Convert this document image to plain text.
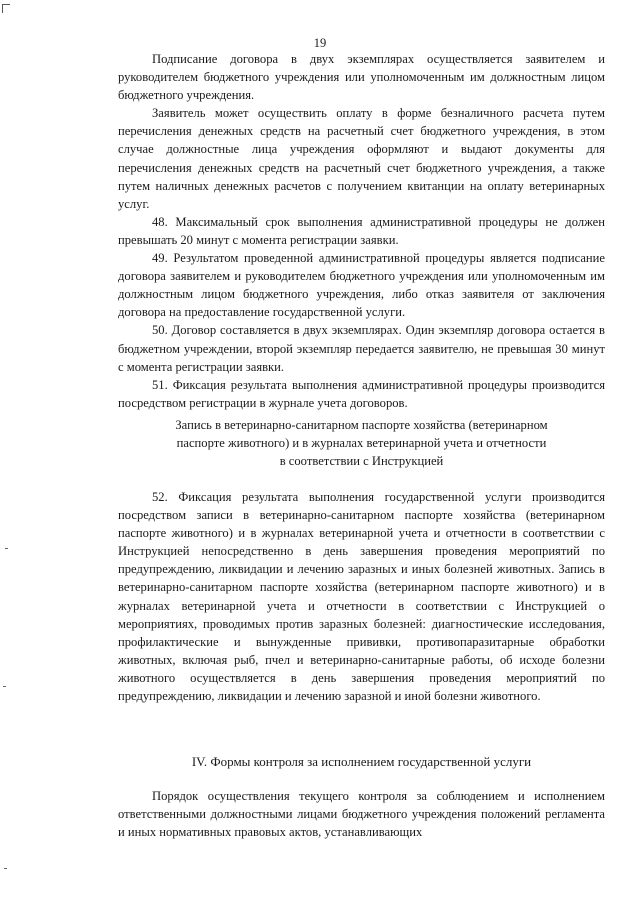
19

Подписание договора в двух экземплярах осуществляется заявителем и руководителем бюджетного учреждения или уполномоченным им должностным лицом бюджетного учреждения.

Заявитель может осуществить оплату в форме безналичного расчета путем перечисления денежных средств на расчетный счет бюджетного учреждения, в этом случае должностные лица учреждения оформляют и выдают документы для перечисления денежных средств на расчетный счет бюджетного учреждения, а также путем наличных денежных расчетов с получением квитанции на оплату ветеринарных услуг.

48. Максимальный срок выполнения административной процедуры не должен превышать 20 минут с момента регистрации заявки.

49. Результатом проведенной административной процедуры является подписание договора заявителем и руководителем бюджетного учреждения или уполномоченным им должностным лицом бюджетного учреждения, либо отказ заявителя от заключения договора на предоставление государственной услуги.

50. Договор составляется в двух экземплярах. Один экземпляр договора остается в бюджетном учреждении, второй экземпляр передается заявителю, не превышая 30 минут с момента регистрации заявки.

51. Фиксация результата выполнения административной процедуры производится посредством регистрации в журнале учета договоров.

Запись в ветеринарно-санитарном паспорте хозяйства (ветеринарном
паспорте животного) и в журналах ветеринарной учета и отчетности
в соответствии с Инструкцией

52. Фиксация результата выполнения государственной услуги производится посредством записи в ветеринарно-санитарном паспорте хозяйства (ветеринарном паспорте животного) и в журналах ветеринарной учета и отчетности в соответствии с Инструкцией непосредственно в день завершения проведения мероприятий по предупреждению, ликвидации и лечению заразных и иных болезней животных. Запись в ветеринарно-санитарном паспорте хозяйства (ветеринарном паспорте животного) и в журналах ветеринарной учета и отчетности в соответствии с Инструкцией о мероприятиях, проводимых против заразных болезней: диагностические исследования, профилактические и вынужденные прививки, противопаразитарные обработки животных, включая рыб, пчел и ветеринарно-санитарные работы, об исходе болезни животного осуществляется в день завершения проведения мероприятий по предупреждению, ликвидации и лечению заразной и иной болезни животного.

IV. Формы контроля за исполнением государственной услуги

Порядок осуществления текущего контроля за соблюдением и исполнением ответственными должностными лицами бюджетного учреждения положений регламента и иных нормативных правовых актов, устанавливающих
